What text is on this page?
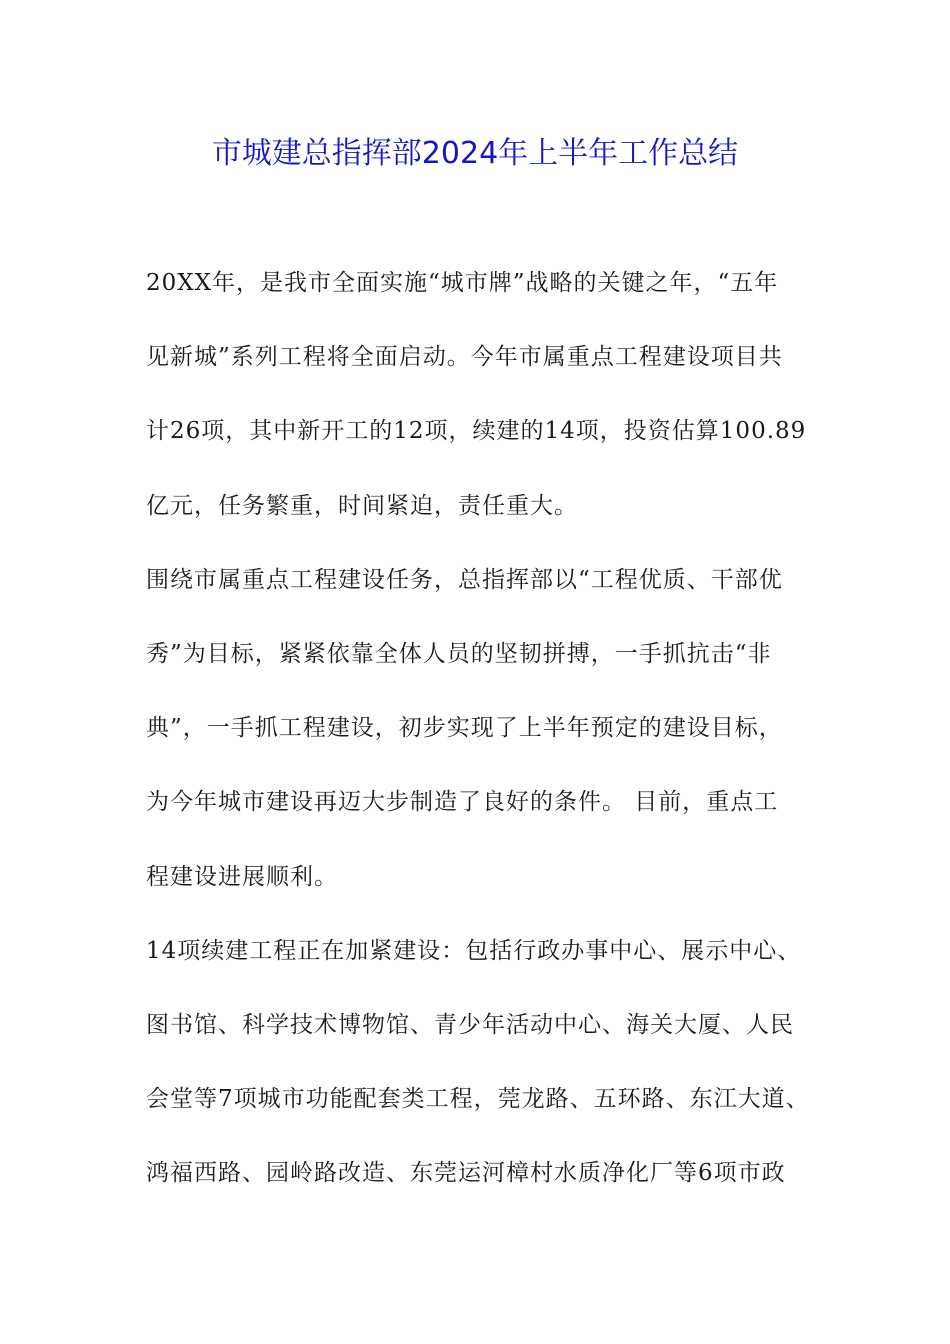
市城建总指挥部2024年上半年工作总结
20XX年，是我市全面实施“城市牌”战略的关键之年，“五年
见新城”系列工程将全面启动。今年市属重点工程建设项目共
计26项，其中新开工的12项，续建的14项，投资估算100.89
亿元，任务繁重，时间紧迫，责任重大。
围绕市属重点工程建设任务，总指挥部以“工程优质、干部优
秀”为目标，紧紧依靠全体人员的坚韧拼搏，一手抓抗击“非
典”，一手抓工程建设，初步实现了上半年预定的建设目标，
为今年城市建设再迈大步制造了良好的条件。 目前，重点工
程建设进展顺利。
14项续建工程正在加紧建设：包括行政办事中心、展示中心、
图书馆、科学技术博物馆、青少年活动中心、海关大厦、人民
会堂等7项城市功能配套类工程，莞龙路、五环路、东江大道、
鸿福西路、园岭路改造、东莞运河樟村水质净化厂等6项市政
